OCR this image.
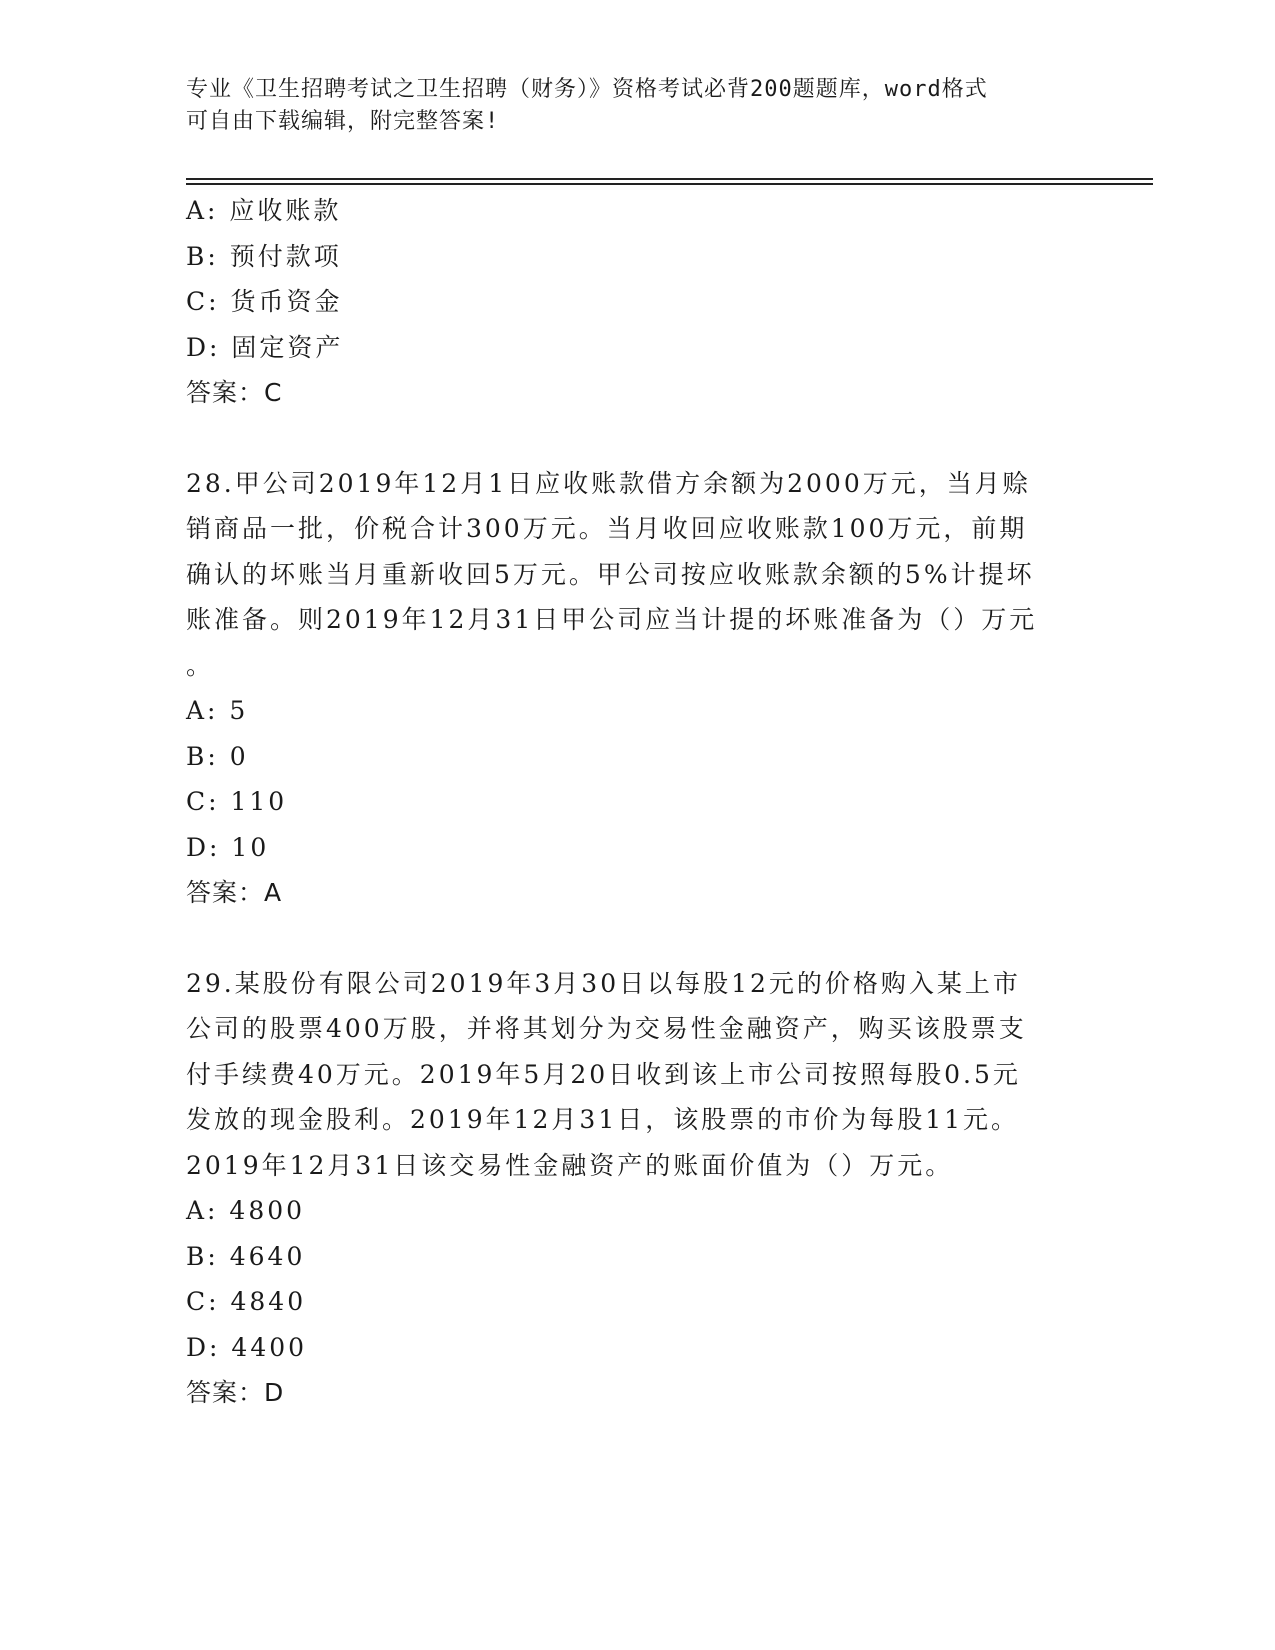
专业《卫生招聘考试之卫生招聘（财务）》资格考试必背200题题库，word格式
可自由下载编辑，附完整答案!
A: 应收账款
B: 预付款项
C: 货币资金
D: 固定资产
答案：C
28.甲公司2019年12月1日应收账款借方余额为2000万元，当月赊
销商品一批，价税合计300万元。当月收回应收账款100万元，前期
确认的坏账当月重新收回5万元。甲公司按应收账款余额的5%计提坏
账准备。则2019年12月31日甲公司应当计提的坏账准备为（）万元
。
A: 5
B: 0
C: 110
D: 10
答案：A
29.某股份有限公司2019年3月30日以每股12元的价格购入某上市
公司的股票400万股，并将其划分为交易性金融资产，购买该股票支
付手续费40万元。2019年5月20日收到该上市公司按照每股0.5元
发放的现金股利。2019年12月31日，该股票的市价为每股11元。
2019年12月31日该交易性金融资产的账面价值为（）万元。
A: 4800
B: 4640
C: 4840
D: 4400
答案：D
